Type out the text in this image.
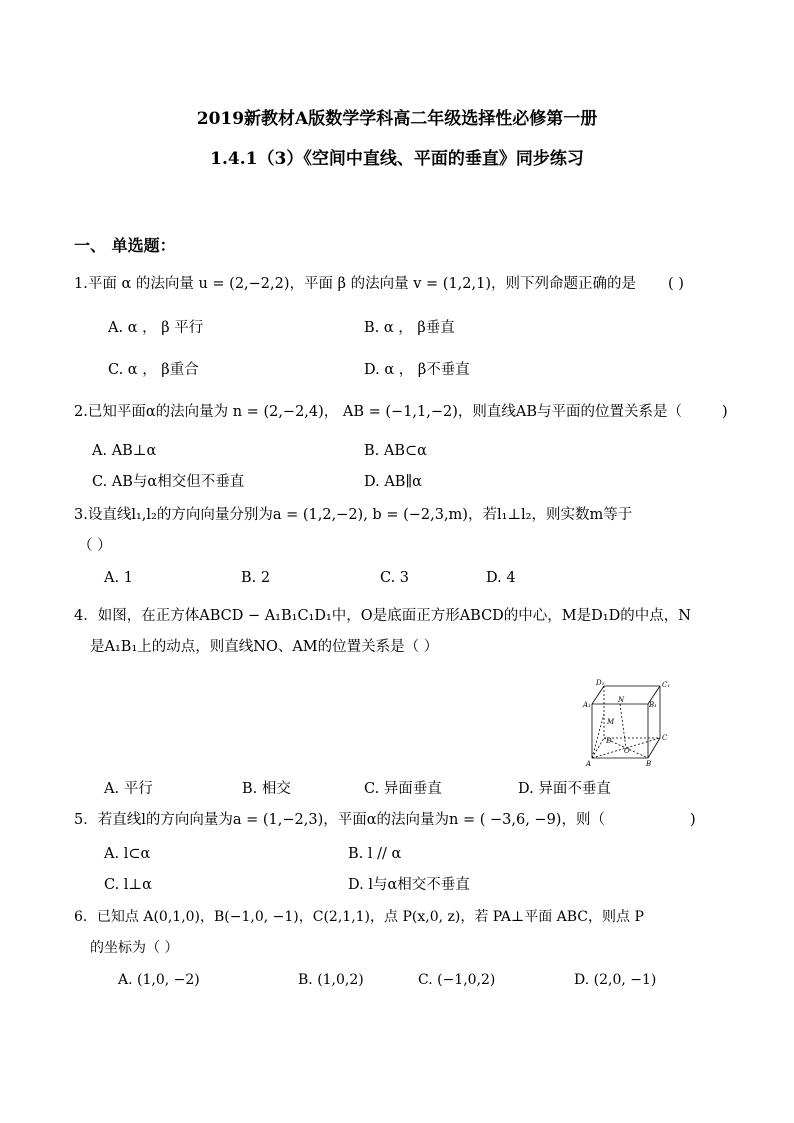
2019新教材A版数学学科高二年级选择性必修第一册
1.4.1（3）《空间中直线、平面的垂直》同步练习
一、 单选题：
1.平面 α 的法向量 u = (2,−2,2)，平面 β 的法向量 v = (1,2,1)，则下列命题正确的是 ( )
A. α ， β 平行	B. α ， β垂直
C. α ， β重合	D. α ， β不垂直
2.已知平面α的法向量为 n = (2,−2,4)， AB = (−1,1,−2)，则直线AB与平面的位置关系是（	)
A. AB⊥α	B. AB⊂α
C. AB与α相交但不垂直	D. AB∥α
3.设直线l₁,l₂的方向向量分别为a = (1,2,−2), b = (−2,3,m)，若l₁⊥l₂，则实数m等于
（ ）
A. 1	B. 2	C. 3	D. 4
4．如图，在正方体ABCD − A₁B₁C₁D₁中，O是底面正方形ABCD的中心，M是D₁D的中点，N
是A₁B₁上的动点，则直线NO、AM的位置关系是（ ）
D₁	C₁
A₁	B₁
N
M
D	C
O
A	B
A. 平行	B. 相交	C. 异面垂直	D. 异面不垂直
5．若直线l的方向向量为a = (1,−2,3)，平面α的法向量为n = ( −3,6, −9)，则（	)
A. l⊂α	B. l // α
C. l⊥α	D. l与α相交不垂直
6．已知点 A(0,1,0)，B(−1,0, −1)，C(2,1,1)，点 P(x,0, z)，若 PA⊥平面 ABC，则点 P
的坐标为（ ）
A. (1,0, −2)	B. (1,0,2)	C. (−1,0,2)	D. (2,0, −1)
